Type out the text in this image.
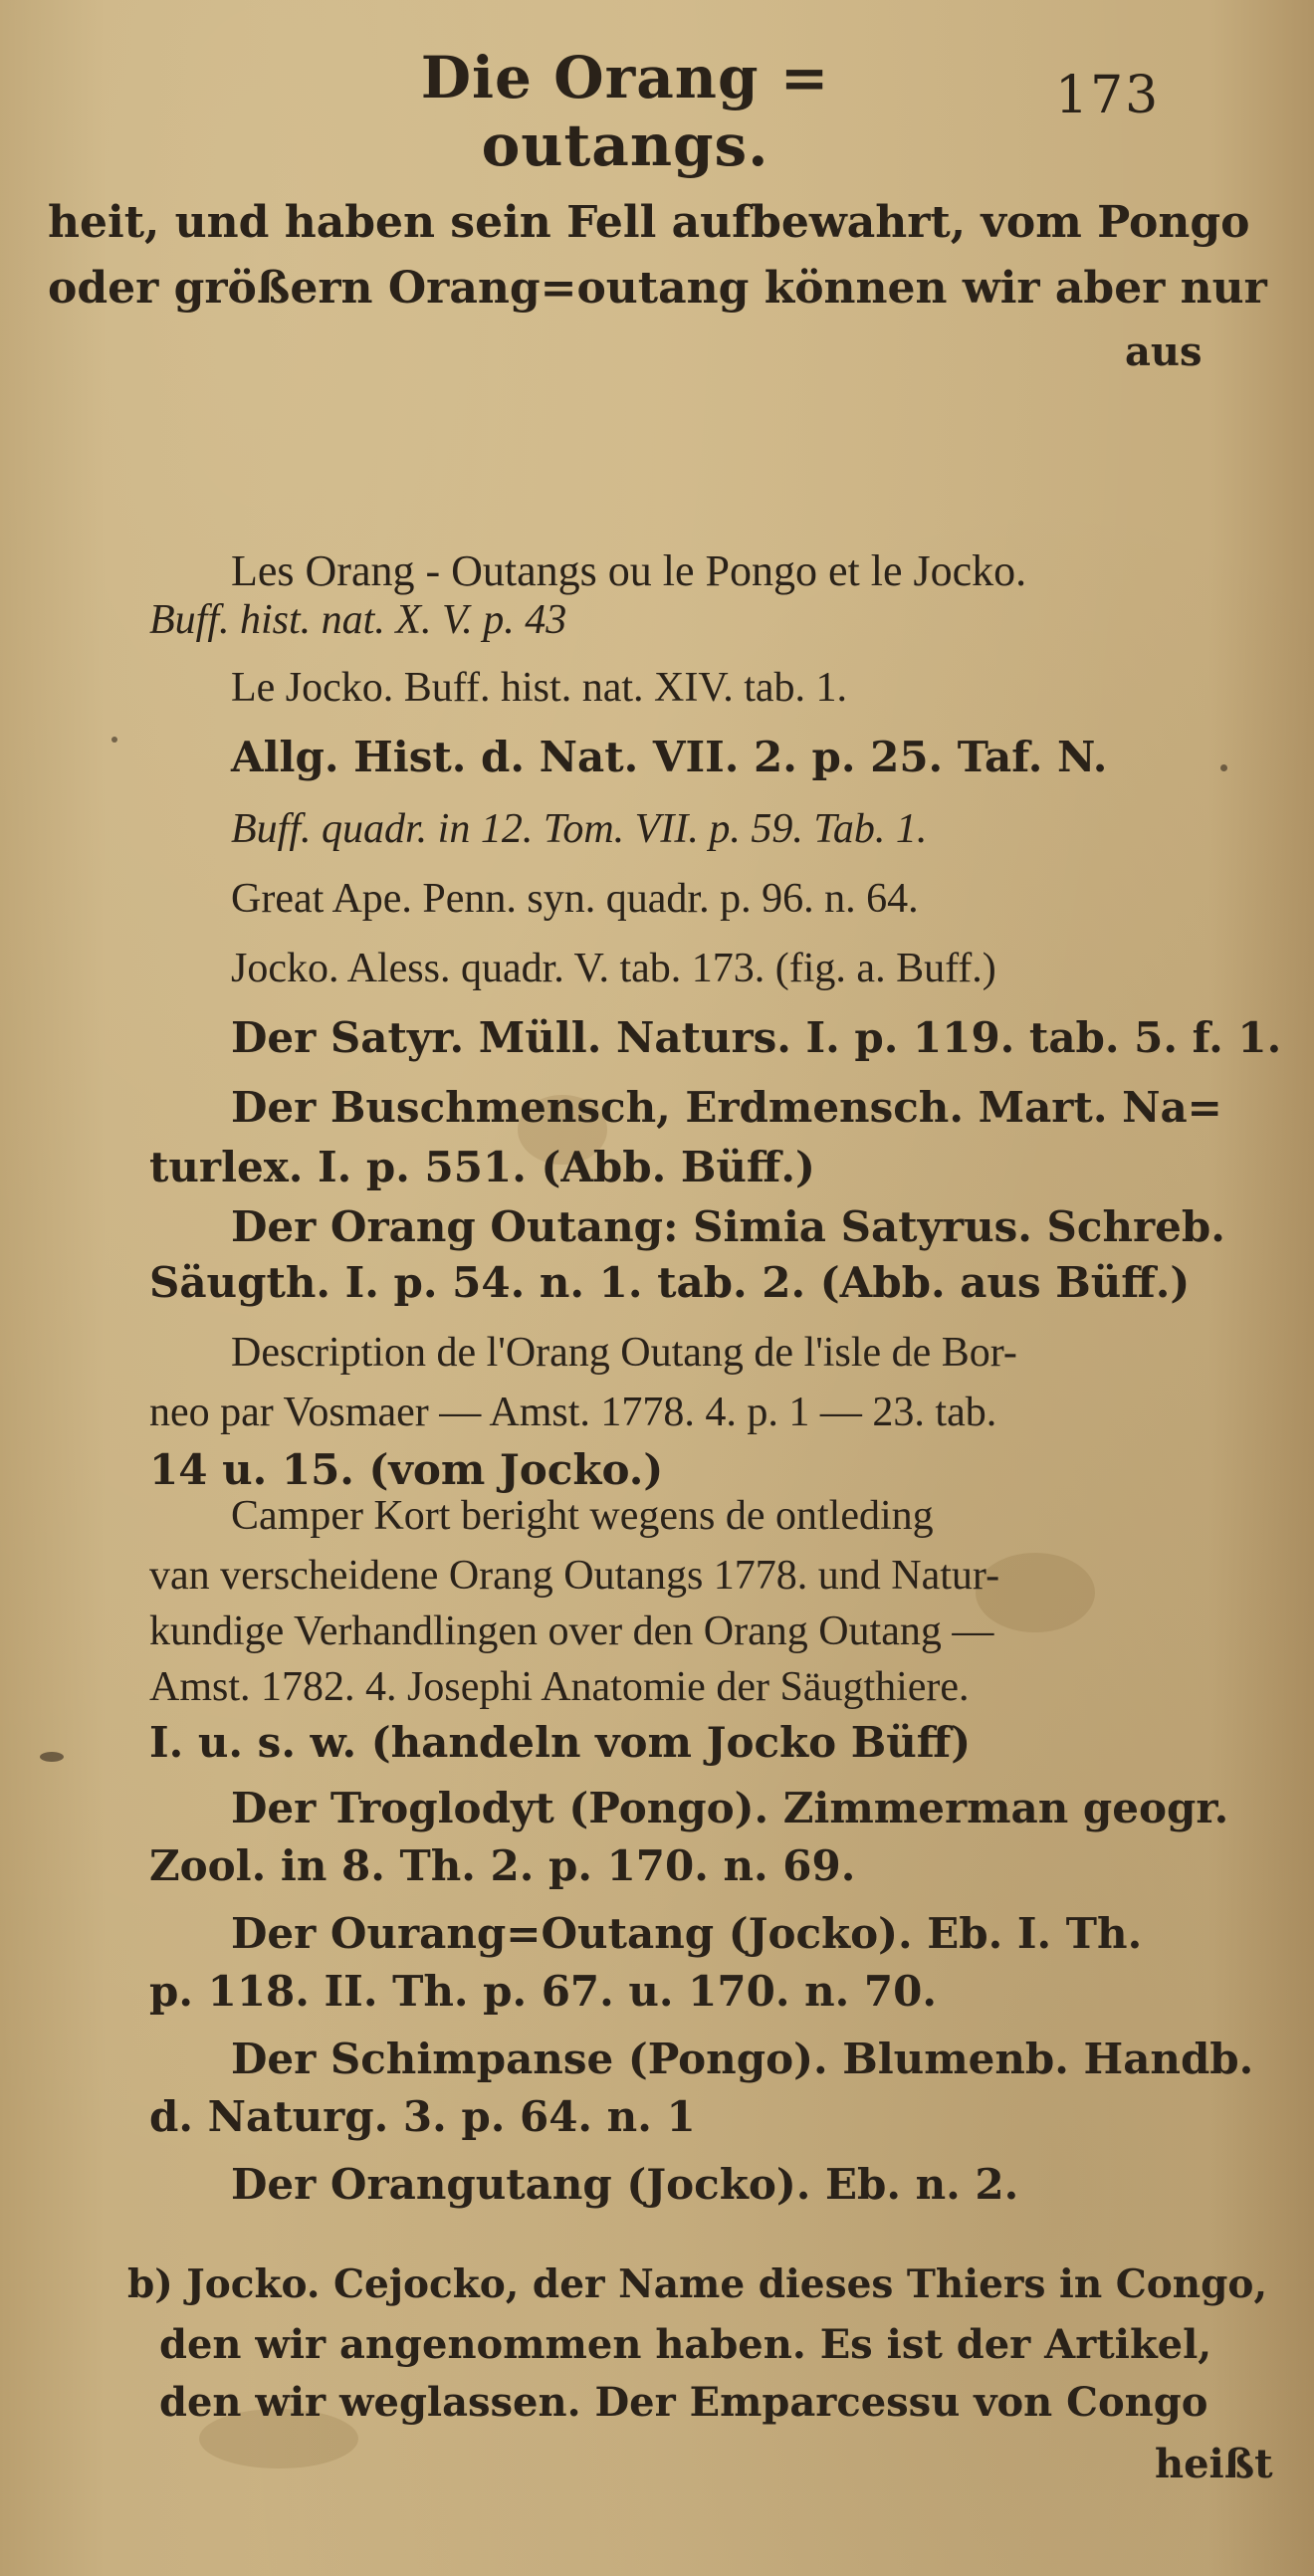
Die Orang = outangs.
173
heit, und haben sein Fell aufbewahrt, vom Pongo
oder größern Orang=outang können wir aber nur
aus
Les Orang - Outangs ou le Pongo et le Jocko.
Buff. hist. nat. X. V. p. 43
Le Jocko. Buff. hist. nat. XIV. tab. 1.
Allg. Hist. d. Nat. VII. 2. p. 25. Taf. N.
Buff. quadr. in 12. Tom. VII. p. 59. Tab. 1.
Great Ape. Penn. syn. quadr. p. 96. n. 64.
Jocko. Aless. quadr. V. tab. 173. (fig. a. Buff.)
Der Satyr. Müll. Naturs. I. p. 119. tab. 5. f. 1.
Der Buschmensch, Erdmensch. Mart. Na=
turlex. I. p. 551. (Abb. Büff.)
Der Orang Outang: Simia Satyrus. Schreb.
Säugth. I. p. 54. n. 1. tab. 2. (Abb. aus Büff.)
Description de l'Orang Outang de l'isle de Bor-
neo par Vosmaer — Amst. 1778. 4. p. 1 — 23. tab.
14 u. 15. (vom Jocko.)
Camper Kort beright wegens de ontleding
van verscheidene Orang Outangs 1778. und Natur-
kundige Verhandlingen over den Orang Outang —
Amst. 1782. 4. Josephi Anatomie der Säugthiere.
I. u. s. w. (handeln vom Jocko Büff)
Der Troglodyt (Pongo). Zimmerman geogr.
Zool. in 8. Th. 2. p. 170. n. 69.
Der Ourang=Outang (Jocko). Eb. I. Th.
p. 118. II. Th. p. 67. u. 170. n. 70.
Der Schimpanse (Pongo). Blumenb. Handb.
d. Naturg. 3. p. 64. n. 1
Der Orangutang (Jocko). Eb. n. 2.
b) Jocko. Cejocko, der Name dieses Thiers in Congo,
den wir angenommen haben. Es ist der Artikel,
den wir weglassen. Der Emparcessu von Congo
heißt
